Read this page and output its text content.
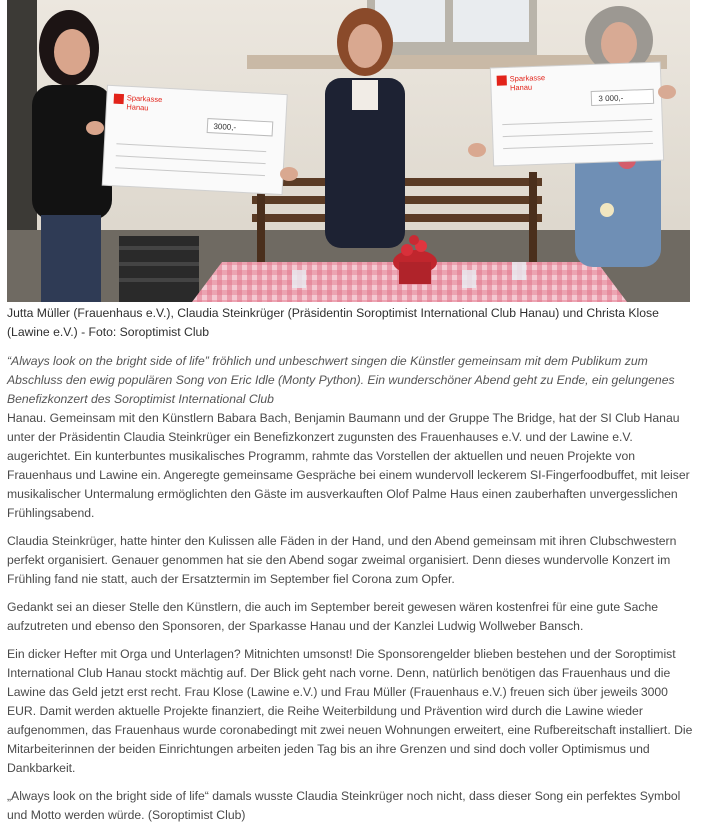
Sparkasse
Hanau
3000,-
Sparkasse
Hanau
3 000,-
Jutta Müller (Frauenhaus e.V.), Claudia Steinkrüger (Präsidentin Soroptimist International Club Hanau) und Christa Klose (Lawine e.V.) - Foto: Soroptimist Club

“Always look on the bright side of life” fröhlich und unbeschwert singen die Künstler gemeinsam mit dem Publikum zum Abschluss den ewig populären Song von Eric Idle (Monty Python). Ein wunderschöner Abend geht zu Ende, ein gelungenes Benefizkonzert des Soroptimist International Club

Hanau. Gemeinsam mit den Künstlern Babara Bach, Benjamin Baumann und der Gruppe The Bridge, hat der SI Club Hanau unter der Präsidentin Claudia Steinkrüger ein Benefizkonzert zugunsten des Frauenhauses e.V. und der Lawine e.V. augerichtet. Ein kunterbuntes musikalisches Programm, rahmte das Vorstellen der aktuellen und neuen Projekte von Frauenhaus und Lawine ein. Angeregte gemeinsame Gespräche bei einem wundervoll leckerem SI-Fingerfoodbuffet, mit leiser musikalischer Untermalung ermöglichten den Gäste im ausverkauften Olof Palme Haus einen zauberhaften unvergesslichen Frühlingsabend.

Claudia Steinkrüger, hatte hinter den Kulissen alle Fäden in der Hand, und den Abend gemeinsam mit ihren Clubschwestern perfekt organisiert. Genauer genommen hat sie den Abend sogar zweimal organisiert. Denn dieses wundervolle Konzert im Frühling fand nie statt, auch der Ersatztermin im September fiel Corona zum Opfer.

Gedankt sei an dieser Stelle den Künstlern, die auch im September bereit gewesen wären kostenfrei für eine gute Sache aufzutreten und ebenso den Sponsoren, der Sparkasse Hanau und der Kanzlei Ludwig Wollweber Bansch.

Ein dicker Hefter mit Orga und Unterlagen? Mitnichten umsonst! Die Sponsorengelder blieben bestehen und der Soroptimist International Club Hanau stockt mächtig auf. Der Blick geht nach vorne. Denn, natürlich benötigen das Frauenhaus und die Lawine das Geld jetzt erst recht. Frau Klose (Lawine e.V.) und Frau Müller (Frauenhaus e.V.) freuen sich über jeweils 3000 EUR. Damit werden aktuelle Projekte finanziert, die Reihe Weiterbildung und Prävention wird durch die Lawine wieder aufgenommen, das Frauenhaus wurde coronabedingt mit zwei neuen Wohnungen erweitert, eine Rufbereitschaft installiert. Die Mitarbeiterinnen der beiden Einrichtungen arbeiten jeden Tag bis an ihre Grenzen und sind doch voller Optimismus und Dankbarkeit.

„Always look on the bright side of life“ damals wusste Claudia Steinkrüger noch nicht, dass dieser Song ein perfektes Symbol und Motto werden würde. (Soroptimist Club)
